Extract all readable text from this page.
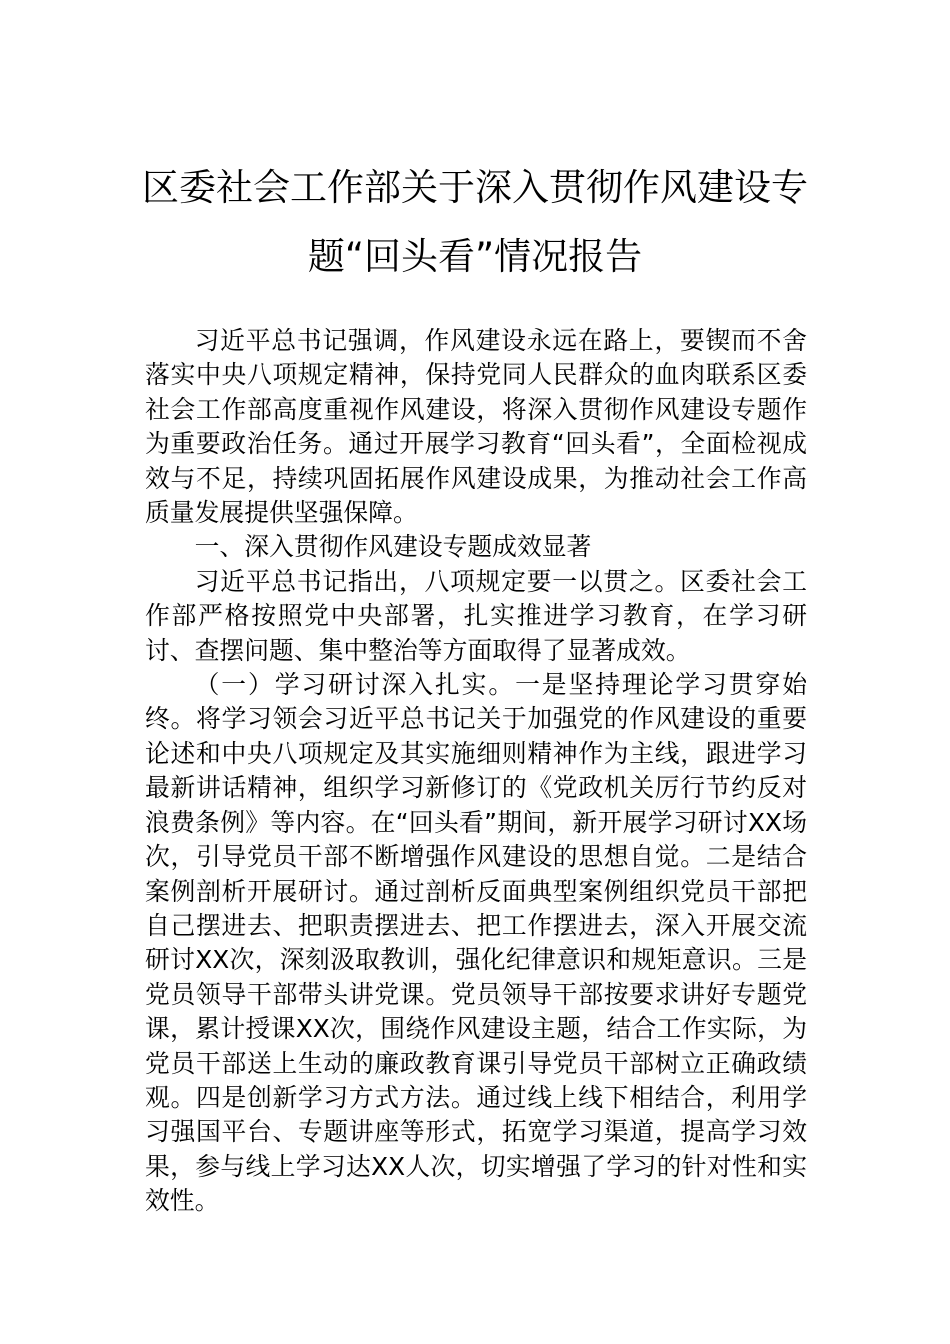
区委社会工作部关于深入贯彻作风建设专
题“回头看”情况报告

习近平总书记强调，作风建设永远在路上，要锲而不舍落实中央八项规定精神，保持党同人民群众的血肉联系区委社会工作部高度重视作风建设，将深入贯彻作风建设专题作为重要政治任务。通过开展学习教育“回头看”，全面检视成效与不足，持续巩固拓展作风建设成果，为推动社会工作高质量发展提供坚强保障。

一、深入贯彻作风建设专题成效显著

习近平总书记指出，八项规定要一以贯之。区委社会工作部严格按照党中央部署，扎实推进学习教育，在学习研讨、查摆问题、集中整治等方面取得了显著成效。

（一）学习研讨深入扎实。一是坚持理论学习贯穿始终。将学习领会习近平总书记关于加强党的作风建设的重要论述和中央八项规定及其实施细则精神作为主线，跟进学习最新讲话精神，组织学习新修订的《党政机关厉行节约反对浪费条例》等内容。在“回头看”期间，新开展学习研讨XX场次，引导党员干部不断增强作风建设的思想自觉。二是结合案例剖析开展研讨。通过剖析反面典型案例组织党员干部把自己摆进去、把职责摆进去、把工作摆进去，深入开展交流研讨XX次，深刻汲取教训，强化纪律意识和规矩意识。三是党员领导干部带头讲党课。党员领导干部按要求讲好专题党课，累计授课XX次，围绕作风建设主题，结合工作实际，为党员干部送上生动的廉政教育课引导党员干部树立正确政绩观。四是创新学习方式方法。通过线上线下相结合，利用学习强国平台、专题讲座等形式，拓宽学习渠道，提高学习效果，参与线上学习达XX人次，切实增强了学习的针对性和实效性。
